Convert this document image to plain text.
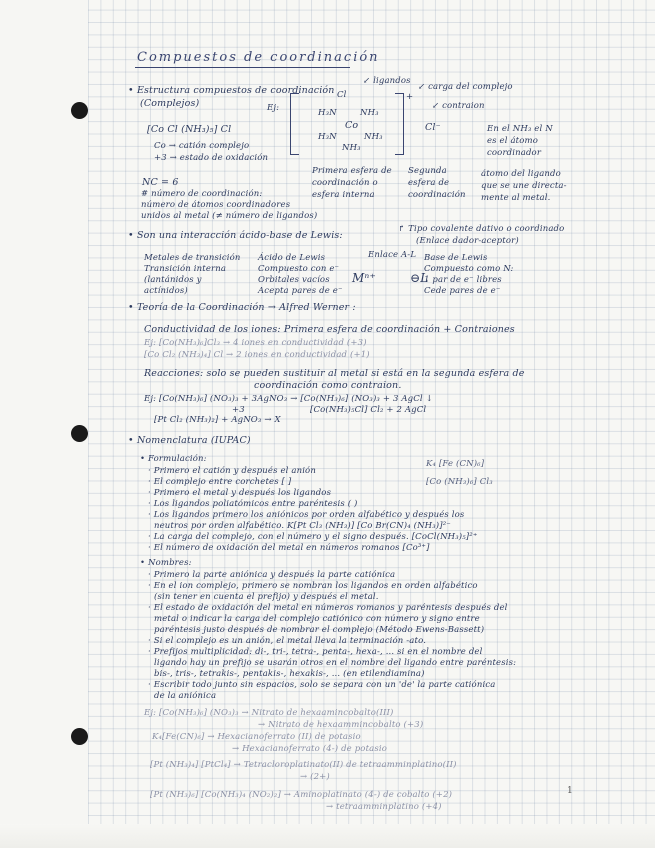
Compuestos de coordinación
• Estructura compuestos de coordinación
(Complejos)	Ej:
[Co Cl (NH₃)₅] Cl
Co → catión complejo
+3 → estado de oxidación
NC = 6
# número de coordinación:
número de átomos coordinadores
unidos al metal (≠ número de ligandos)
Cl
H₃N	NH₃
Co
H₃N	NH₃
NH₃
+
Cl⁻
↙ ligandos
↙ carga del complejo
↙ contraion
Primera esfera de
coordinación o
esfera interna
Segunda
esfera de
coordinación
En el NH₃ el N
es el átomo
coordinador
átomo del ligando
que se une directa-
mente al metal.
• Son una interacción ácido-base de Lewis:
↱ Tipo covalente dativo o coordinado
(Enlace dador-aceptor)
Metales de transición
Transición interna
(lantánidos y
actínidos)
Ácido de Lewis
Compuesto con e⁻
Orbitales vacíos
Acepta pares de e⁻
Enlace A-L
Mⁿ⁺	⊖L
Base de Lewis
Compuesto como N:
1 par de e⁻ libres
Cede pares de e⁻
• Teoría de la Coordinación → Alfred Werner :
Conductividad de los iones: Primera esfera de coordinación + Contraiones
Ej: [Co(NH₃)₆]Cl₃ → 4 iones en conductividad (+3)
[Co Cl₂ (NH₃)₄] Cl → 2 iones en conductividad (+1)
Reacciones: solo se pueden sustituir al metal si está en la segunda esfera de
coordinación como contraion.
Ej: [Co(NH₃)₆] (NO₃)₃ + 3AgNO₃ → [Co(NH₃)₆] (NO₃)₃ + 3 AgCl ↓
+3
[Pt Cl₂ (NH₃)₂] + AgNO₃ → X
[Co(NH₃)₅Cl] Cl₂ + 2 AgCl
• Nomenclatura (IUPAC)
• Formulación:
· Primero el catión y después el anión
· El complejo entre corchetes [ ]
· Primero el metal y después los ligandos
· Los ligandos poliatómicos entre paréntesis ( )
· Los ligandos primero los aniónicos por orden alfabético y después los
neutros por orden alfabético. K[Pt Cl₃ (NH₃)] [Co Br(CN)₄ (NH₃)]²⁻
· La carga del complejo, con el número y el signo después. [CoCl(NH₃)₅]²⁺
· El número de oxidación del metal en números romanos [Co³⁺]
K₄ [Fe (CN)₆]
[Co (NH₃)₆] Cl₃
• Nombres:
· Primero la parte aniónica y después la parte catiónica
· En el ion complejo, primero se nombran los ligandos en orden alfabético
(sin tener en cuenta el prefijo) y después el metal.
· El estado de oxidación del metal en números romanos y paréntesis después del
metal o indicar la carga del complejo catiónico con número y signo entre
paréntesis justo después de nombrar el complejo (Método Ewens-Bassett)
· Si el complejo es un anión, el metal lleva la terminación -ato.
· Prefijos multiplicidad: di-, tri-, tetra-, penta-, hexa-, ... si en el nombre del
ligando hay un prefijo se usarán otros en el nombre del ligando entre paréntesis:
bis-, tris-, tetrakis-, pentakis-, hexakis-, ... (en etilendiamina)
· Escribir todo junto sin espacios, solo se separa con un 'de' la parte catiónica
de la aniónica
Ej: [Co(NH₃)₆] (NO₃)₃ → Nitrato de hexaamincobalto(III)
→ Nitrato de hexaammincobalto (+3)
K₄[Fe(CN)₆] → Hexacianoferrato (II) de potasio
→ Hexacianoferrato (4-) de potasio
[Pt (NH₃)₄] [PtCl₄] → Tetracloroplatinato(II) de tetraamminplatino(II)
→ (2+)
[Pt (NH₃)₆] [Co(NH₃)₄ (NO₂)₂] → Aminoplatinato (4-) de cobalto (+2)
→ tetraamminplatino (+4)
1
